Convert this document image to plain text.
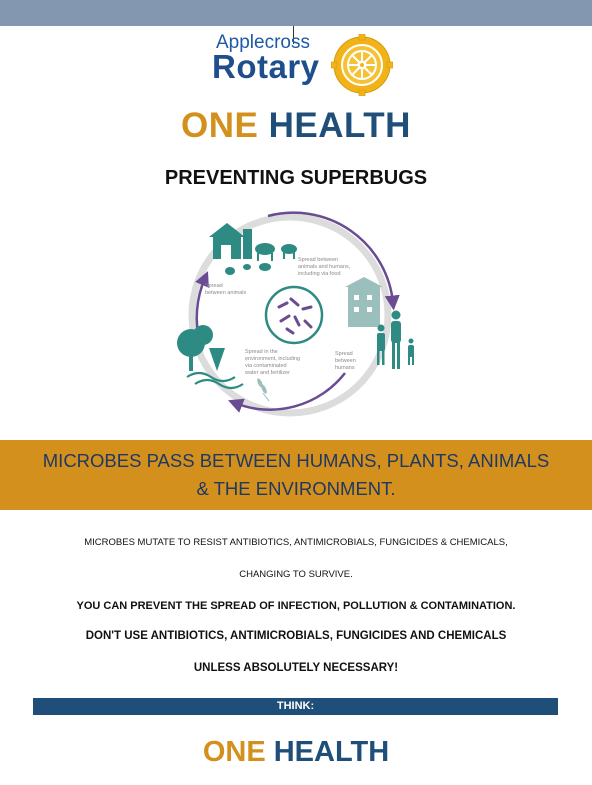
Applecross
Rotary
ONE HEALTH
PREVENTING SUPERBUGS
Spread between animals and humans, including via food
Spread between animals
Spread between humans
Spread in the environment, including via contaminated water and fertilizer
MICROBES PASS BETWEEN HUMANS, PLANTS, ANIMALS
& THE ENVIRONMENT.
MICROBES MUTATE TO RESIST ANTIBIOTICS, ANTIMICROBIALS, FUNGICIDES & CHEMICALS,
CHANGING TO SURVIVE.
YOU CAN PREVENT THE SPREAD OF INFECTION, POLLUTION & CONTAMINATION.
DON'T USE ANTIBIOTICS, ANTIMICROBIALS, FUNGICIDES AND CHEMICALS
UNLESS ABSOLUTELY NECESSARY!
THINK:
ONE HEALTH
